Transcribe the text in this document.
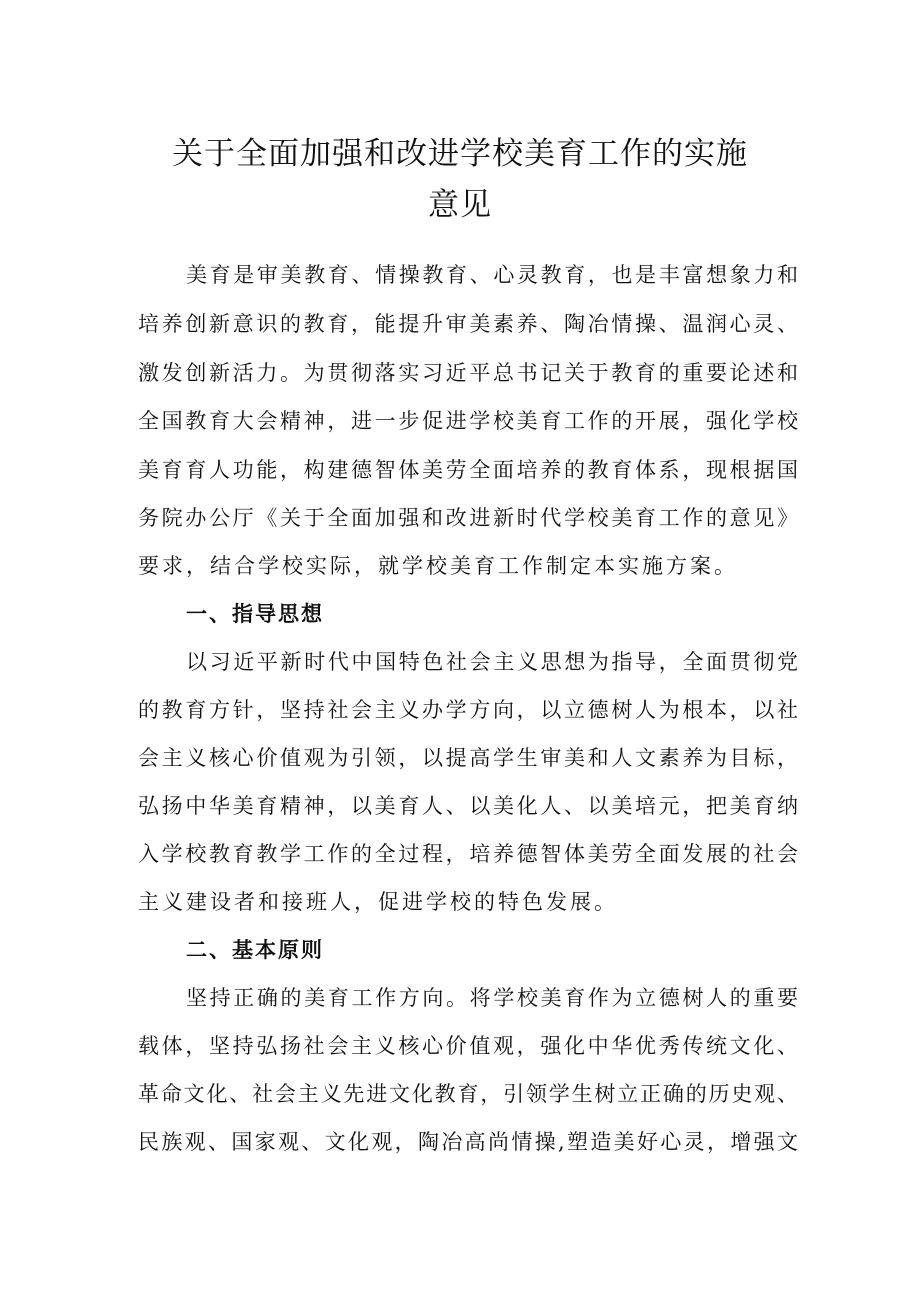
关于全面加强和改进学校美育工作的实施
意见

美育是审美教育、情操教育、心灵教育，也是丰富想象力和

培养创新意识的教育，能提升审美素养、陶冶情操、温润心灵、

激发创新活力。为贯彻落实习近平总书记关于教育的重要论述和

全国教育大会精神，进一步促进学校美育工作的开展，强化学校

美育育人功能，构建德智体美劳全面培养的教育体系，现根据国

务院办公厅《关于全面加强和改进新时代学校美育工作的意见》

要求，结合学校实际，就学校美育工作制定本实施方案。

一、指导思想

以习近平新时代中国特色社会主义思想为指导，全面贯彻党

的教育方针，坚持社会主义办学方向，以立德树人为根本，以社

会主义核心价值观为引领，以提高学生审美和人文素养为目标，

弘扬中华美育精神，以美育人、以美化人、以美培元，把美育纳

入学校教育教学工作的全过程，培养德智体美劳全面发展的社会

主义建设者和接班人，促进学校的特色发展。

二、基本原则

坚持正确的美育工作方向。将学校美育作为立德树人的重要

载体，坚持弘扬社会主义核心价值观，强化中华优秀传统文化、

革命文化、社会主义先进文化教育，引领学生树立正确的历史观、

民族观、国家观、文化观，陶冶高尚情操,塑造美好心灵，增强文
